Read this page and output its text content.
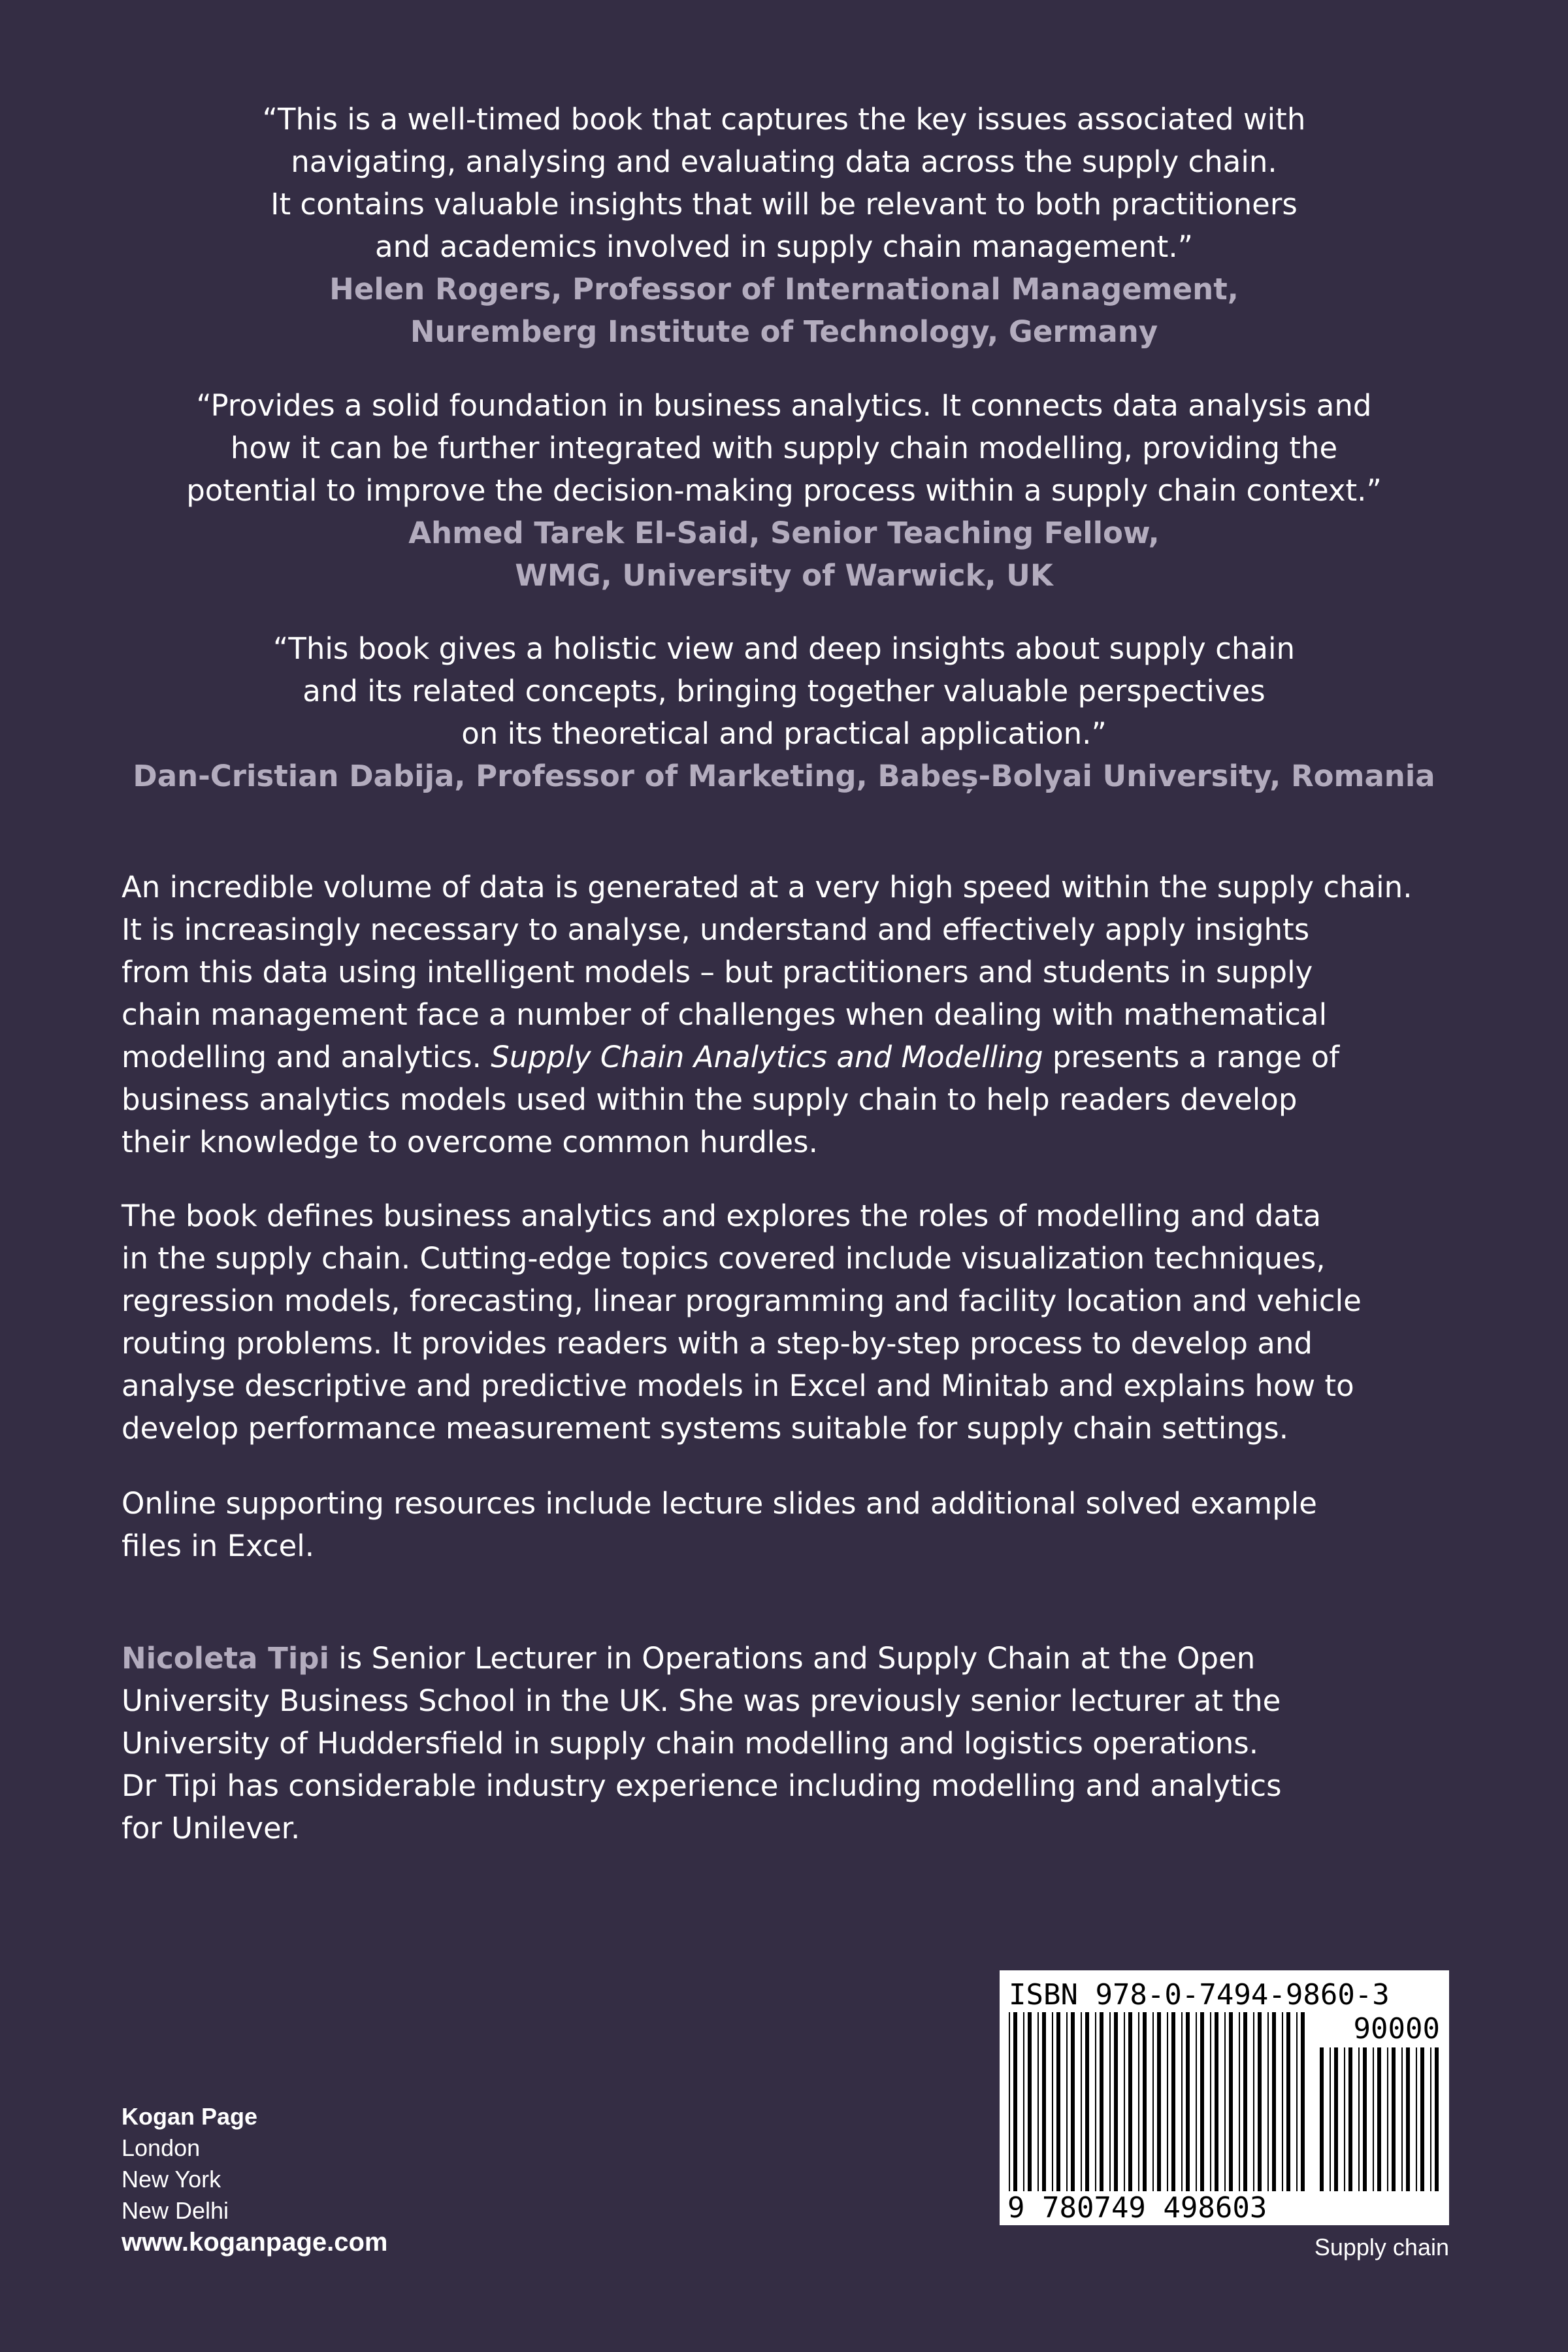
“This is a well-timed book that captures the key issues associated with
navigating, analysing and evaluating data across the supply chain.
It contains valuable insights that will be relevant to both practitioners
and academics involved in supply chain management.”
Helen Rogers, Professor of International Management,
Nuremberg Institute of Technology, Germany
“Provides a solid foundation in business analytics. It connects data analysis and
how it can be further integrated with supply chain modelling, providing the
potential to improve the decision-making process within a supply chain context.”
Ahmed Tarek El-Said, Senior Teaching Fellow,
WMG, University of Warwick, UK
“This book gives a holistic view and deep insights about supply chain
and its related concepts, bringing together valuable perspectives
on its theoretical and practical application.”
Dan-Cristian Dabija, Professor of Marketing, Babeș-Bolyai University, Romania
An incredible volume of data is generated at a very high speed within the supply chain.
It is increasingly necessary to analyse, understand and effectively apply insights
from this data using intelligent models – but practitioners and students in supply
chain management face a number of challenges when dealing with mathematical
modelling and analytics. Supply Chain Analytics and Modelling presents a range of
business analytics models used within the supply chain to help readers develop
their knowledge to overcome common hurdles.
The book defines business analytics and explores the roles of modelling and data
in the supply chain. Cutting-edge topics covered include visualization techniques,
regression models, forecasting, linear programming and facility location and vehicle
routing problems. It provides readers with a step-by-step process to develop and
analyse descriptive and predictive models in Excel and Minitab and explains how to
develop performance measurement systems suitable for supply chain settings.
Online supporting resources include lecture slides and additional solved example
files in Excel.
Nicoleta Tipi is Senior Lecturer in Operations and Supply Chain at the Open
University Business School in the UK. She was previously senior lecturer at the
University of Huddersfield in supply chain modelling and logistics operations.
Dr Tipi has considerable industry experience including modelling and analytics
for Unilever.
Kogan Page
London
New York
New Delhi
www.koganpage.com
ISBN 978-0-7494-9860-3
90000
9 780749 498603
Supply chain
